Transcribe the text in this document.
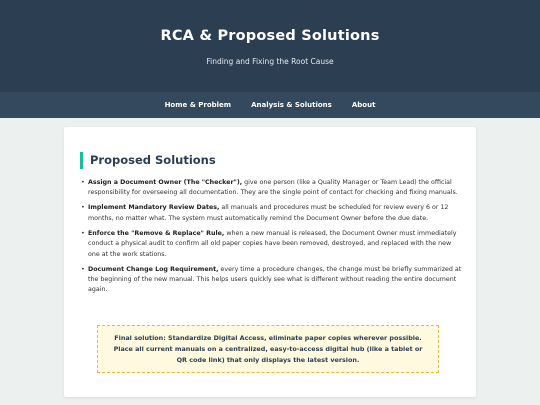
RCA & Proposed Solutions
Finding and Fixing the Root Cause
Home & Problem	Analysis & Solutions	About
Proposed Solutions
• Assign a Document Owner (The "Checker"), give one person (like a Quality Manager or Team Lead) the official responsibility for overseeing all documentation. They are the single point of contact for checking and fixing manuals.
• Implement Mandatory Review Dates, all manuals and procedures must be scheduled for review every 6 or 12 months, no matter what. The system must automatically remind the Document Owner before the due date.
• Enforce the "Remove & Replace" Rule, when a new manual is released, the Document Owner must immediately conduct a physical audit to confirm all old paper copies have been removed, destroyed, and replaced with the new one at the work stations.
• Document Change Log Requirement, every time a procedure changes, the change must be briefly summarized at the beginning of the new manual. This helps users quickly see what is different without reading the entire document again.
Final solution: Standardize Digital Access, eliminate paper copies wherever possible. Place all current manuals on a centralized, easy-to-access digital hub (like a tablet or QR code link) that only displays the latest version.
